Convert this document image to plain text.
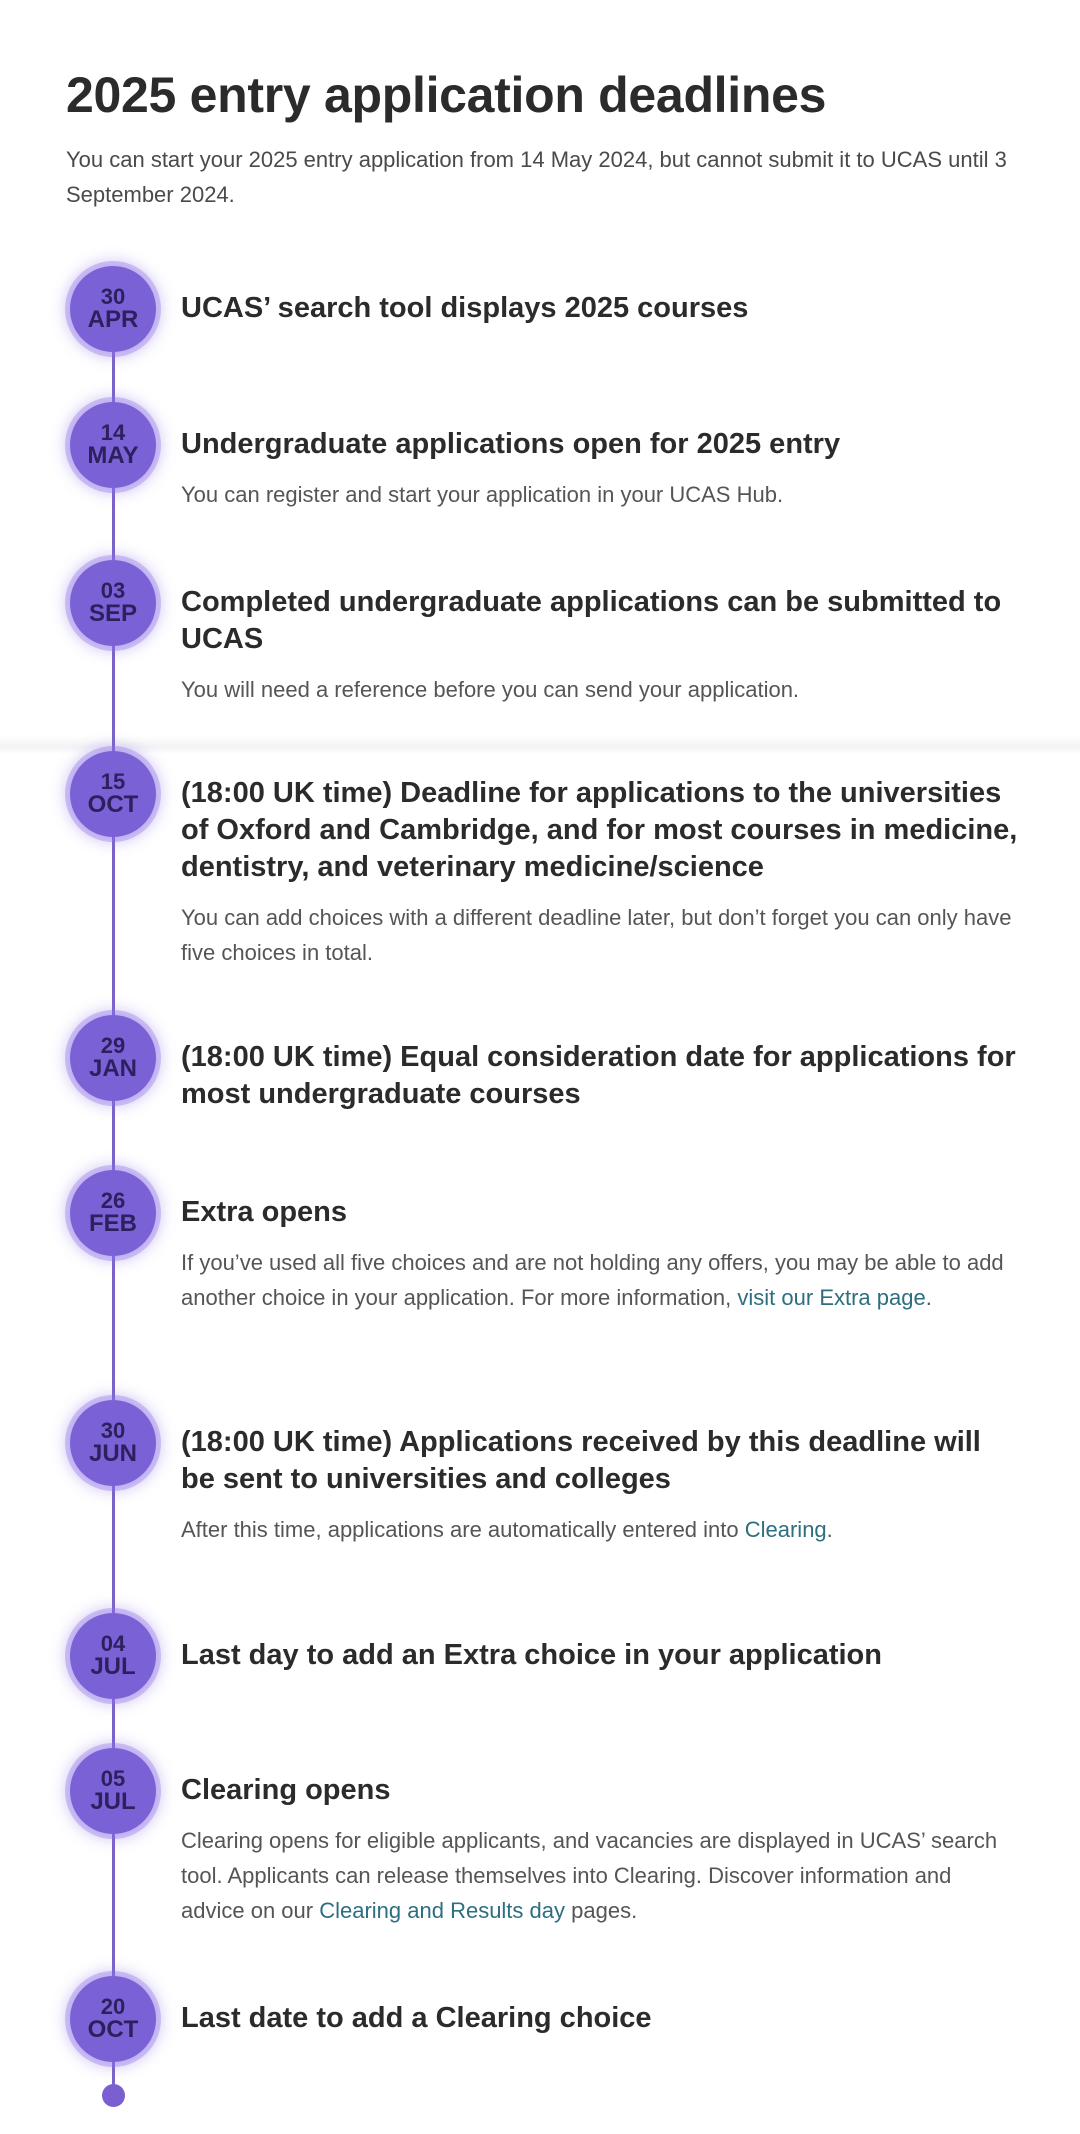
2025 entry application deadlines

You can start your 2025 entry application from 14 May 2024, but cannot submit it to UCAS until 3 September 2024.

30
APR UCAS’ search tool displays 2025 courses
14
MAY Undergraduate applications open for 2025 entry

You can register and start your application in your UCAS Hub.

03
SEP Completed undergraduate applications can be submitted to UCAS

You will need a reference before you can send your application.

15
OCT (18:00 UK time) Deadline for applications to the universities of Oxford and Cambridge, and for most courses in medicine, dentistry, and veterinary medicine/science

You can add choices with a different deadline later, but don’t forget you can only have five choices in total.

29
JAN (18:00 UK time) Equal consideration date for applications for most undergraduate courses
26
FEB Extra opens

If you’ve used all five choices and are not holding any offers, you may be able to add another choice in your application. For more information, visit our Extra page.

30
JUN (18:00 UK time) Applications received by this deadline will be sent to universities and colleges

After this time, applications are automatically entered into Clearing.

04
JUL Last day to add an Extra choice in your application
05
JUL Clearing opens

Clearing opens for eligible applicants, and vacancies are displayed in UCAS’ search tool. Applicants can release themselves into Clearing. Discover information and advice on our Clearing and Results day pages.

20
OCT Last date to add a Clearing choice
